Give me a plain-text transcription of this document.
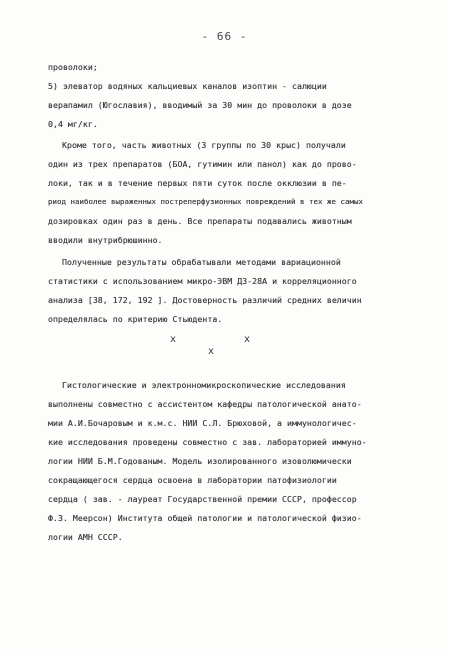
- 66 -
проволоки;
5) элеватор водяных кальциевых каналов изоптин - салюции
верапамил (Югославия), вводимый за 30 мин до проволоки в дозе
0,4 мг/кг.
Кроме того, часть животных (3 группы по 30 крыс) получали
один из трех препаратов (БОА, гутимин или панол) как до прово-
локи, так и в течение первых пяти суток после окклюзии в пе-
риод наиболее выраженных постреперфузионных повреждений в тех же самых
дозировках один раз в день. Все препараты подавались животным
вводили внутрибрюшинно.
Полученные результаты обрабатывали методами вариационной
статистики с использованием микро-ЭВМ ДЗ-28А и корреляционного
анализа [38, 172, 192 ]. Достоверность различий средних величин
определялась по критерию Стьюдента.
x	x
x
Гистологические и электронномикроскопические исследования
выполнены совместно с ассистентом кафедры патологической анато-
мии А.И.Бочаровым и к.м.с. НИИ С.Л. Брюховой, а иммунологичес-
кие исследования проведены совместно с зав. лабораторией иммуно-
логии НИИ Б.М.Годованым. Модель изолированного изоволюмически
сокращающегося сердца освоена в лаборатории патофизиологии
сердца ( зав. - лауреат Государственной премии СССР, профессор
Ф.З. Меерсон) Института общей патологии и патологической физио-
логии АМН СССР.
